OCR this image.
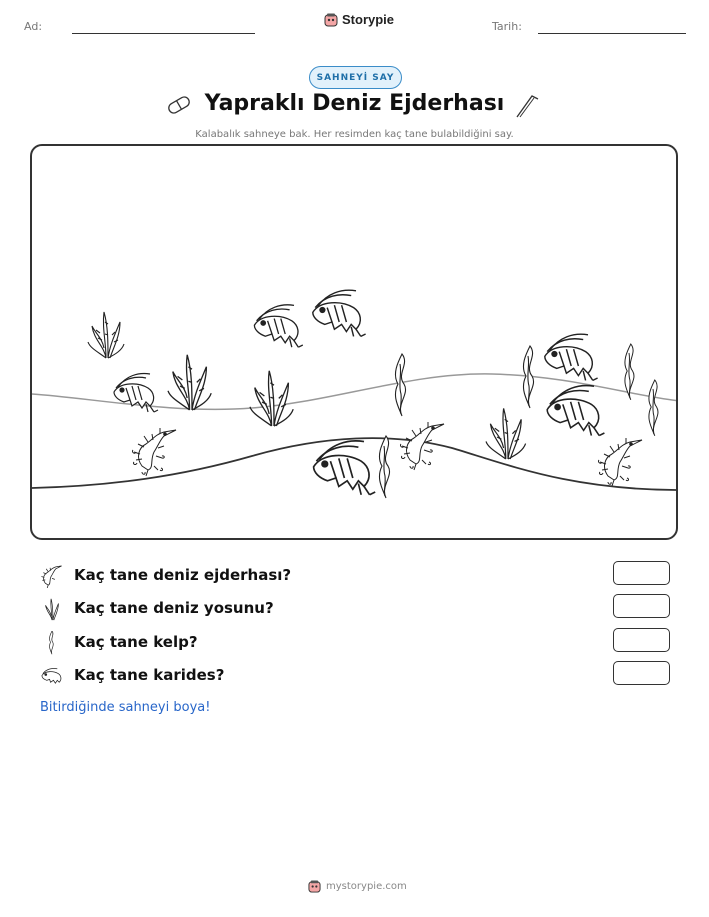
Ad:	Storypie	Tarih:
SAHNEYİ SAY
Yapraklı Deniz Ejderhası
Kalabalık sahneye bak. Her resimden kaç tane bulabildiğini say.
Kaç tane deniz ejderhası?
Kaç tane deniz yosunu?
Kaç tane kelp?
Kaç tane karides?
Bitirdiğinde sahneyi boya!
mystorypie.com
